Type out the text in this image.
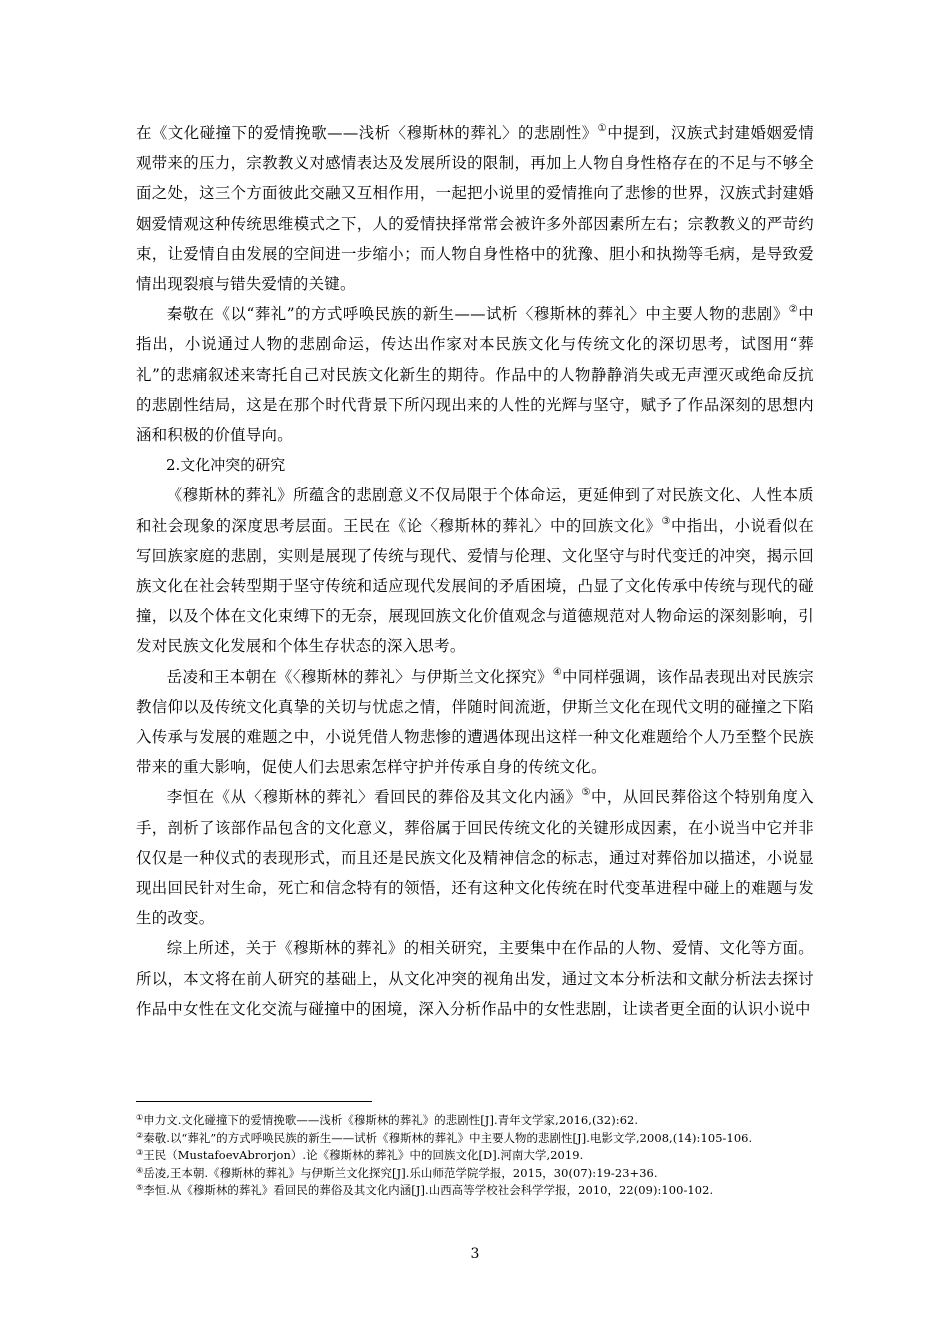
在《文化碰撞下的爱情挽歌——浅析〈穆斯林的葬礼〉的悲剧性》①中提到，汉族式封建婚姻爱情观带来的压力，宗教教义对感情表达及发展所设的限制，再加上人物自身性格存在的不足与不够全面之处，这三个方面彼此交融又互相作用，一起把小说里的爱情推向了悲惨的世界，汉族式封建婚姻爱情观这种传统思维模式之下，人的爱情抉择常常会被许多外部因素所左右；宗教教义的严苛约束，让爱情自由发展的空间进一步缩小；而人物自身性格中的犹豫、胆小和执拗等毛病，是导致爱情出现裂痕与错失爱情的关键。

秦敬在《以“葬礼”的方式呼唤民族的新生——试析〈穆斯林的葬礼〉中主要人物的悲剧》②中指出，小说通过人物的悲剧命运，传达出作家对本民族文化与传统文化的深切思考，试图用“葬礼”的悲痛叙述来寄托自己对民族文化新生的期待。作品中的人物静静消失或无声湮灭或绝命反抗的悲剧性结局，这是在那个时代背景下所闪现出来的人性的光辉与坚守，赋予了作品深刻的思想内涵和积极的价值导向。

2.文化冲突的研究

《穆斯林的葬礼》所蕴含的悲剧意义不仅局限于个体命运，更延伸到了对民族文化、人性本质和社会现象的深度思考层面。王民在《论〈穆斯林的葬礼〉中的回族文化》③中指出，小说看似在写回族家庭的悲剧，实则是展现了传统与现代、爱情与伦理、文化坚守与时代变迁的冲突，揭示回族文化在社会转型期于坚守传统和适应现代发展间的矛盾困境，凸显了文化传承中传统与现代的碰撞，以及个体在文化束缚下的无奈，展现回族文化价值观念与道德规范对人物命运的深刻影响，引发对民族文化发展和个体生存状态的深入思考。

岳凌和王本朝在《〈穆斯林的葬礼〉与伊斯兰文化探究》④中同样强调，该作品表现出对民族宗教信仰以及传统文化真挚的关切与忧虑之情，伴随时间流逝，伊斯兰文化在现代文明的碰撞之下陷入传承与发展的难题之中，小说凭借人物悲惨的遭遇体现出这样一种文化难题给个人乃至整个民族带来的重大影响，促使人们去思索怎样守护并传承自身的传统文化。

李恒在《从〈穆斯林的葬礼〉看回民的葬俗及其文化内涵》⑤中，从回民葬俗这个特别角度入手，剖析了该部作品包含的文化意义，葬俗属于回民传统文化的关键形成因素，在小说当中它并非仅仅是一种仪式的表现形式，而且还是民族文化及精神信念的标志，通过对葬俗加以描述，小说显现出回民针对生命，死亡和信念特有的领悟，还有这种文化传统在时代变革进程中碰上的难题与发生的改变。

综上所述，关于《穆斯林的葬礼》的相关研究，主要集中在作品的人物、爱情、文化等方面。所以，本文将在前人研究的基础上，从文化冲突的视角出发，通过文本分析法和文献分析法去探讨作品中女性在文化交流与碰撞中的困境，深入分析作品中的女性悲剧，让读者更全面的认识小说中

①申力文.文化碰撞下的爱情挽歌——浅析《穆斯林的葬礼》的悲剧性[J].青年文学家,2016,(32):62.

②秦敬.以“葬礼”的方式呼唤民族的新生——试析《穆斯林的葬礼》中主要人物的悲剧性[J].电影文学,2008,(14):105-106.

③王民（MustafoevAbrorjon）.论《穆斯林的葬礼》中的回族文化[D].河南大学,2019.

④岳凌,王本朝.《穆斯林的葬礼》与伊斯兰文化探究[J].乐山师范学院学报，2015，30(07):19-23+36.

⑤李恒.从《穆斯林的葬礼》看回民的葬俗及其文化内涵[J].山西高等学校社会科学学报，2010，22(09):100-102.

3
